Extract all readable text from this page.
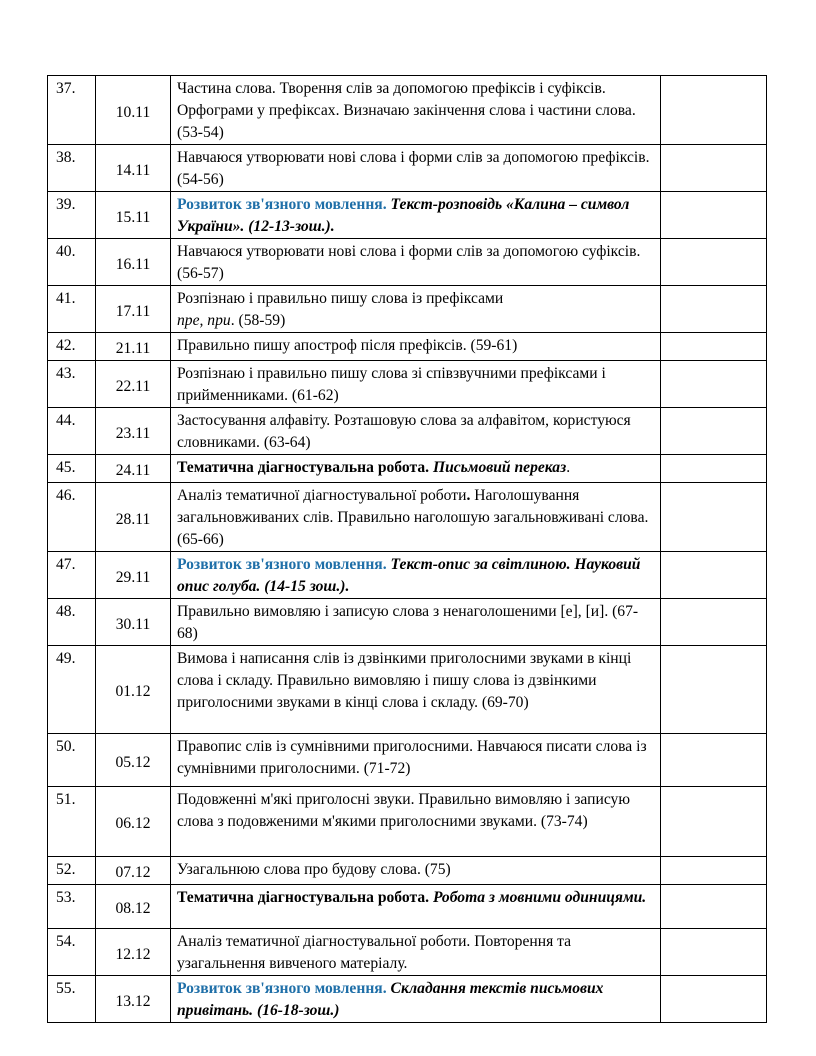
37.	10.11	Частина слова. Творення слів за допомогою префіксів і суфіксів. Орфограми у префіксах. Визначаю закінчення слова і частини слова. (53-54)	
38.	14.11	Навчаюся утворювати нові слова і форми слів за допомогою префіксів. (54-56)	
39.	15.11	Розвиток зв'язного мовлення. Текст-розповідь «Калина – символ України». (12-13-зош.).	
40.	16.11	Навчаюся утворювати нові слова і форми слів за допомогою суфіксів. (56-57)	
41.	17.11	Розпізнаю і правильно пишу слова із префіксами
пре, при. (58-59)	
42.	21.11	Правильно пишу апостроф після префіксів. (59-61)	
43.	22.11	Розпізнаю і правильно пишу слова зі співзвучними префіксами і прийменниками. (61-62)	
44.	23.11	Застосування алфавіту. Розташовую слова за алфавітом, користуюся словниками. (63-64)	
45.	24.11	Тематична діагностувальна робота. Письмовий переказ.	
46.	28.11	Аналіз тематичної діагностувальної роботи. Наголошування загальновживаних слів. Правильно наголошую загальновживані слова. (65-66)	
47.	29.11	Розвиток зв'язного мовлення. Текст-опис за світлиною. Науковий опис голуба. (14-15 зош.).	
48.	30.11	Правильно вимовляю і записую слова з ненаголошеними [е], [и]. (67-68)	
49.	01.12	Вимова і написання слів із дзвінкими приголосними звуками в кінці слова і складу. Правильно вимовляю і пишу слова із дзвінкими приголосними звуками в кінці слова і складу. (69-70)	
50.	05.12	Правопис слів із сумнівними приголосними. Навчаюся писати слова із сумнівними приголосними. (71-72)	
51.	06.12	Подовженні м'які приголосні звуки. Правильно вимовляю і записую слова з подовженими м'якими приголосними звуками. (73-74)	
52.	07.12	Узагальнюю слова про будову слова. (75)	
53.	08.12	Тематична діагностувальна робота. Робота з мовними одиницями.	
54.	12.12	Аналіз тематичної діагностувальної роботи. Повторення та узагальнення вивченого матеріалу.	
55.	13.12	Розвиток зв'язного мовлення. Складання текстів письмових привітань. (16-18-зош.)	
